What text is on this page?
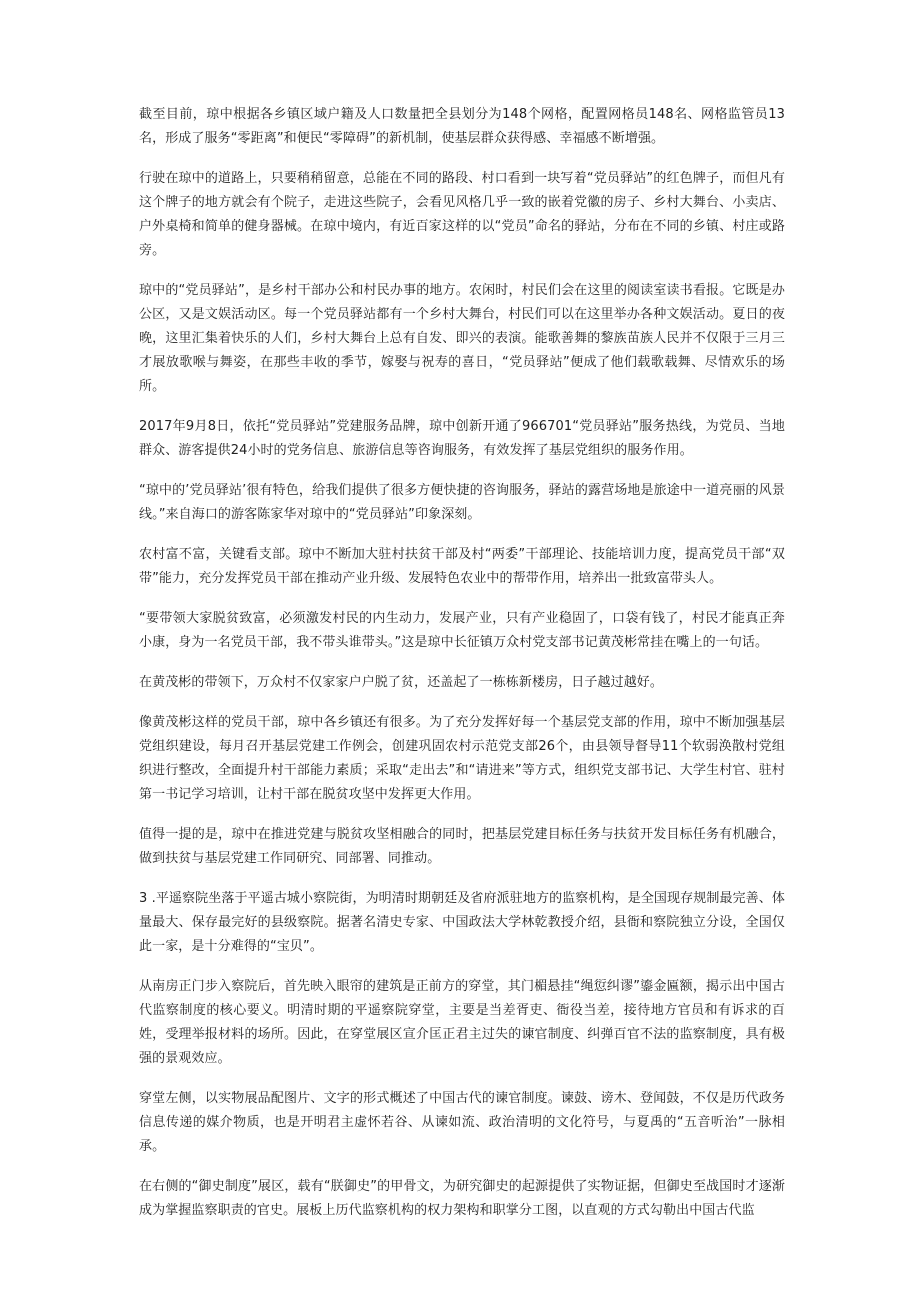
截至目前，琼中根据各乡镇区域户籍及人口数量把全县划分为148个网格，配置网格员148名、网格监管员13名，形成了服务“零距离”和便民“零障碍”的新机制，使基层群众获得感、幸福感不断增强。

行驶在琼中的道路上，只要稍稍留意，总能在不同的路段、村口看到一块写着“党员驿站”的红色牌子，而但凡有这个牌子的地方就会有个院子，走进这些院子，会看见风格几乎一致的嵌着党徽的房子、乡村大舞台、小卖店、户外桌椅和简单的健身器械。在琼中境内，有近百家这样的以“党员”命名的驿站，分布在不同的乡镇、村庄或路旁。

琼中的“党员驿站”，是乡村干部办公和村民办事的地方。农闲时，村民们会在这里的阅读室读书看报。它既是办公区，又是文娱活动区。每一个党员驿站都有一个乡村大舞台，村民们可以在这里举办各种文娱活动。夏日的夜晚，这里汇集着快乐的人们，乡村大舞台上总有自发、即兴的表演。能歌善舞的黎族苗族人民并不仅限于三月三才展放歌喉与舞姿，在那些丰收的季节，嫁娶与祝寿的喜日，“党员驿站”便成了他们载歌载舞、尽情欢乐的场所。

2017年9月8日，依托“党员驿站”党建服务品牌，琼中创新开通了966701“党员驿站”服务热线，为党员、当地群众、游客提供24小时的党务信息、旅游信息等咨询服务，有效发挥了基层党组织的服务作用。

“琼中的’党员驿站’很有特色，给我们提供了很多方便快捷的咨询服务，驿站的露营场地是旅途中一道亮丽的风景线。”来自海口的游客陈家华对琼中的“党员驿站”印象深刻。

农村富不富，关键看支部。琼中不断加大驻村扶贫干部及村“两委”干部理论、技能培训力度，提高党员干部“双带”能力，充分发挥党员干部在推动产业升级、发展特色农业中的帮带作用，培养出一批致富带头人。

“要带领大家脱贫致富，必须激发村民的内生动力，发展产业，只有产业稳固了，口袋有钱了，村民才能真正奔小康，身为一名党员干部，我不带头谁带头。”这是琼中长征镇万众村党支部书记黄茂彬常挂在嘴上的一句话。

在黄茂彬的带领下，万众村不仅家家户户脱了贫，还盖起了一栋栋新楼房，日子越过越好。

像黄茂彬这样的党员干部，琼中各乡镇还有很多。为了充分发挥好每一个基层党支部的作用，琼中不断加强基层党组织建设，每月召开基层党建工作例会，创建巩固农村示范党支部26个，由县领导督导11个软弱涣散村党组织进行整改，全面提升村干部能力素质；采取“走出去”和“请进来”等方式，组织党支部书记、大学生村官、驻村第一书记学习培训，让村干部在脱贫攻坚中发挥更大作用。

值得一提的是，琼中在推进党建与脱贫攻坚相融合的同时，把基层党建目标任务与扶贫开发目标任务有机融合，做到扶贫与基层党建工作同研究、同部署、同推动。

3 .平遥察院坐落于平遥古城小察院街，为明清时期朝廷及省府派驻地方的监察机构，是全国现存规制最完善、体量最大、保存最完好的县级察院。据著名清史专家、中国政法大学林乾教授介绍，县衙和察院独立分设，全国仅此一家，是十分难得的“宝贝”。

从南房正门步入察院后，首先映入眼帘的建筑是正前方的穿堂，其门楣悬挂“绳愆纠谬”鎏金匾额，揭示出中国古代监察制度的核心要义。明清时期的平遥察院穿堂，主要是当差胥吏、衙役当差，接待地方官员和有诉求的百姓，受理举报材料的场所。因此，在穿堂展区宣介匡正君主过失的谏官制度、纠弹百官不法的监察制度，具有极强的景观效应。

穿堂左侧，以实物展品配图片、文字的形式概述了中国古代的谏官制度。谏鼓、谤木、登闻鼓，不仅是历代政务信息传递的媒介物质，也是开明君主虚怀若谷、从谏如流、政治清明的文化符号，与夏禹的“五音听治”一脉相承。

在右侧的“御史制度”展区，载有“朕御史”的甲骨文，为研究御史的起源提供了实物证据，但御史至战国时才逐渐成为掌握监察职责的官史。展板上历代监察机构的权力架构和职掌分工图，以直观的方式勾勒出中国古代监
